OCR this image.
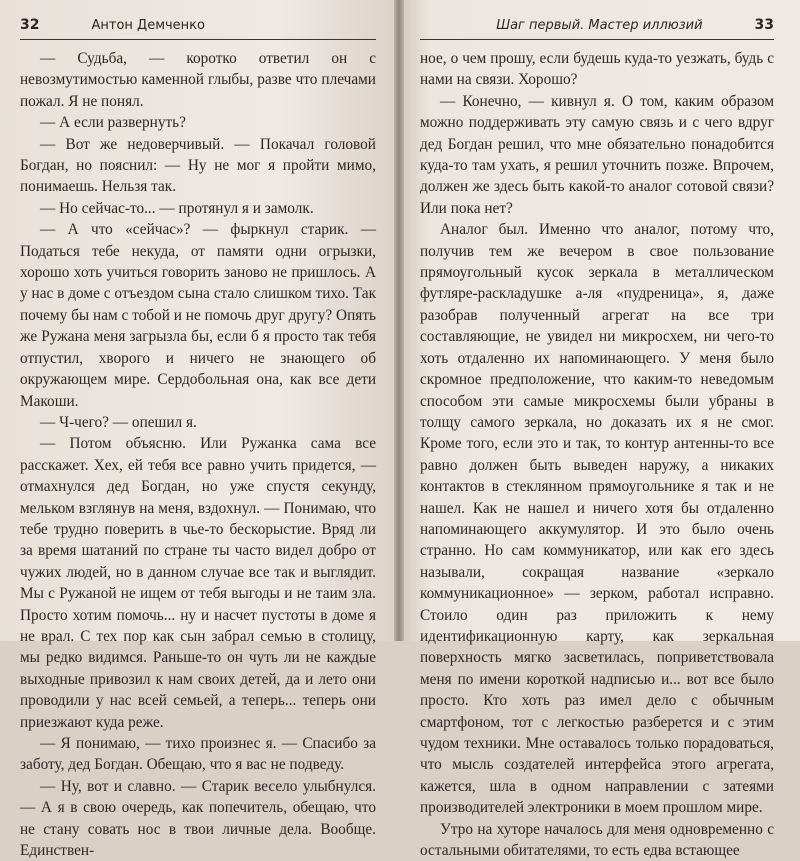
32	Антон Демченко

— Судьба, — коротко ответил он с невозмутимостью каменной глыбы, разве что плечами пожал. Я не понял.

— А если развернуть?

— Вот же недоверчивый. — Покачал головой Богдан, но пояснил: — Ну не мог я пройти мимо, понимаешь. Нельзя так.

— Но сейчас-то... — протянул я и замолк.

— А что «сейчас»? — фыркнул старик. — Податься тебе некуда, от памяти одни огрызки, хорошо хоть учиться говорить заново не пришлось. А у нас в доме с отъездом сына стало слишком тихо. Так почему бы нам с тобой и не помочь друг другу? Опять же Ружана меня загрызла бы, если б я просто так тебя отпустил, хворого и ничего не знающего об окружающем мире. Сердобольная она, как все дети Макоши.

— Ч-чего? — опешил я.

— Потом объясню. Или Ружанка сама все расскажет. Хех, ей тебя все равно учить придется, — отмахнулся дед Богдан, но уже спустя секунду, мельком взглянув на меня, вздохнул. — Понимаю, что тебе трудно поверить в чье-то бескорыстие. Вряд ли за время шатаний по стране ты часто видел добро от чужих людей, но в данном случае все так и выглядит. Мы с Ружаной не ищем от тебя выгоды и не таим зла. Просто хотим помочь... ну и насчет пустоты в доме я не врал. С тех пор как сын забрал семью в столицу, мы редко видимся. Раньше-то он чуть ли не каждые выходные привозил к нам своих детей, да и лето они проводили у нас всей семьей, а теперь... теперь они приезжают куда реже.

— Я понимаю, — тихо произнес я. — Спасибо за заботу, дед Богдан. Обещаю, что я вас не подведу.

— Ну, вот и славно. — Старик весело улыбнулся. — А я в свою очередь, как попечитель, обещаю, что не стану совать нос в твои личные дела. Вообще. Единствен-

Шаг первый. Мастер иллюзий	33

ное, о чем прошу, если будешь куда-то уезжать, будь с нами на связи. Хорошо?

— Конечно, — кивнул я. О том, каким образом можно поддерживать эту самую связь и с чего вдруг дед Богдан решил, что мне обязательно понадобится куда-то там ухать, я решил уточнить позже. Впрочем, должен же здесь быть какой-то аналог сотовой связи? Или пока нет?

Аналог был. Именно что аналог, потому что, получив тем же вечером в свое пользование прямоугольный кусок зеркала в металлическом футляре-раскладушке а-ля «пудреница», я, даже разобрав полученный агрегат на все три составляющие, не увидел ни микросхем, ни чего-то хоть отдаленно их напоминающего. У меня было скромное предположение, что каким-то неведомым способом эти самые микросхемы были убраны в толщу самого зеркала, но доказать их я не смог. Кроме того, если это и так, то контур антенны-то все равно должен быть выведен наружу, а никаких контактов в стеклянном прямоугольнике я так и не нашел. Как не нашел и ничего хотя бы отдаленно напоминающего аккумулятор. И это было очень странно. Но сам коммуникатор, или как его здесь называли, сокращая название «зеркало коммуникационное» — зерком, работал исправно. Стоило один раз приложить к нему идентификационную карту, как зеркальная поверхность мягко засветилась, поприветствовала меня по имени короткой надписью и... вот все было просто. Кто хоть раз имел дело с обычным смартфоном, тот с легкостью разберется и с этим чудом техники. Мне оставалось только порадоваться, что мысль создателей интерфейса этого агрегата, кажется, шла в одном направлении с затеями производителей электроники в моем прошлом мире.

Утро на хуторе началось для меня одновременно с остальными обитателями, то есть едва встающее
